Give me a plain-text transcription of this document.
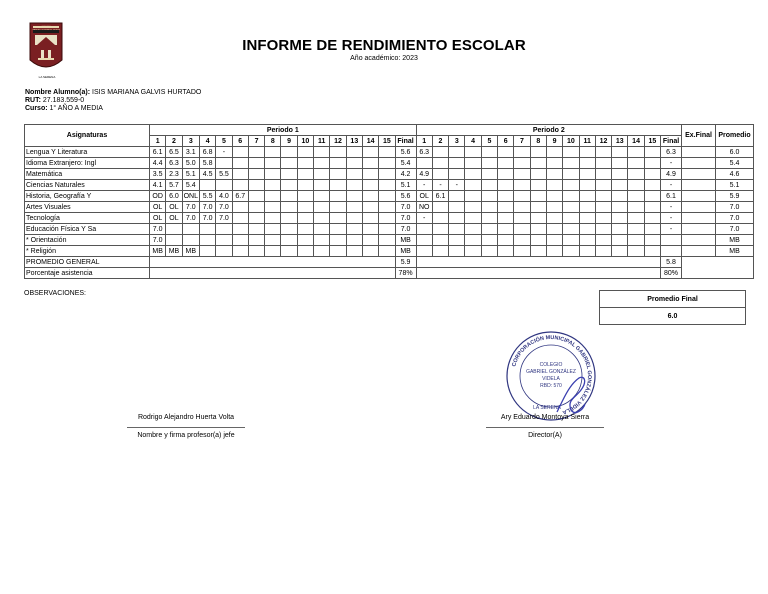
LA SERENA
COLEGIO
GABRIEL GONZALEZ VIDELA
INFORME DE RENDIMIENTO ESCOLAR
Año académico: 2023
Nombre Alumno(a): ISIS MARIANA GALVIS HURTADO
RUT: 27.183.559-0
Curso: 1° AÑO A MEDIA
Asignaturas	Periodo 1																Periodo 2																Ex.Final	Promedio
	1	2	3	4	5	6	7	8	9	10	11	12	13	14	15	Final	1	2	3	4	5	6	7	8	9	10	11	12	13	14	15	Final		
Lengua Y Literatura	6.1	6.5	3.1	6.8	-											5.6	6.3															6.3		6.0
Idioma Extranjero: Ingl	4.4	6.3	5.0	5.8												5.4																-		5.4
Matemática	3.5	2.3	5.1	4.5	5.5											4.2	4.9															4.9		4.6
Ciencias Naturales	4.1	5.7	5.4													5.1	-	-	-													-		5.1
Historia, Geografía Y	OD	6.0	ONL	5.5	4.0	6.7										5.6	OL	6.1														6.1		5.9
Artes Visuales	OL	OL	7.0	7.0	7.0											7.0	NO															-		7.0
Tecnología	OL	OL	7.0	7.0	7.0											7.0	-															-		7.0
Educación Física Y Sa	7.0															7.0																-		7.0
* Orientación	7.0															MB																		MB
* Religión	MB	MB	MB													MB																		MB
PROMEDIO GENERAL																5.9																5.8		
Porcentaje asistencia																78%																80%		
OBSERVACIONES:
Promedio Final
6.0
CORPORACIÓN MUNICIPAL GABRIEL GONZÁLEZ VIDELA
COLEGIO
GABRIEL GONZÁLEZ
VIDELA
RBD: 570
LA SERENA
Rodrigo Alejandro Huerta Volta
Nombre y firma profesor(a) jefe
Ary Eduardo Montoya Sierra
Director(A)
